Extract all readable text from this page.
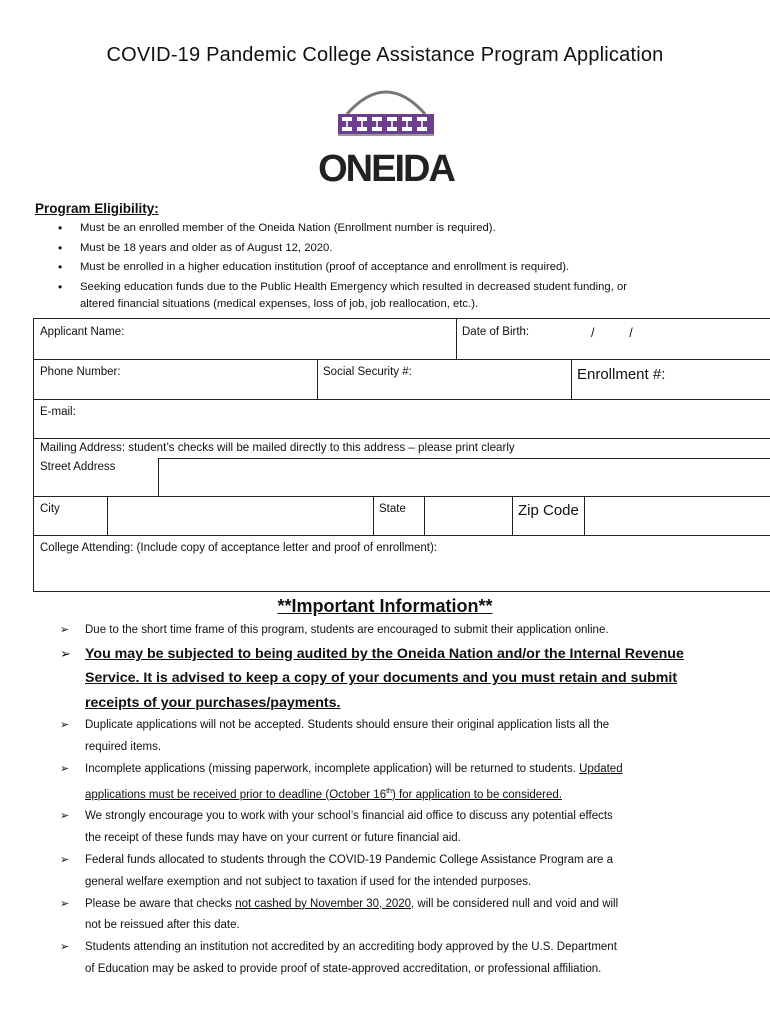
COVID-19 Pandemic College Assistance Program Application
ONEIDA
Program Eligibility:
• Must be an enrolled member of the Oneida Nation (Enrollment number is required).
• Must be 18 years and older as of August 12, 2020.
• Must be enrolled in a higher education institution (proof of acceptance and enrollment is required).
• Seeking education funds due to the Public Health Emergency which resulted in decreased student funding, or
altered financial situations (medical expenses, loss of job, job reallocation, etc.).
Applicant Name:	Date of Birth:	/          /
Phone Number:	Social Security #:	Enrollment #:
E-mail:
Mailing Address: student’s checks will be mailed directly to this address – please print clearly
Street Address
City	State	Zip Code
College Attending: (Include copy of acceptance letter and proof of enrollment):
**Important Information**
➢ Due to the short time frame of this program, students are encouraged to submit their application online.
➢ You may be subjected to being audited by the Oneida Nation and/or the Internal Revenue
Service. It is advised to keep a copy of your documents and you must retain and submit
receipts of your purchases/payments.
➢ Duplicate applications will not be accepted. Students should ensure their original application lists all the
required items.
➢ Incomplete applications (missing paperwork, incomplete application) will be returned to students. Updated
applications must be received prior to deadline (October 16th) for application to be considered.
➢ We strongly encourage you to work with your school’s financial aid office to discuss any potential effects
the receipt of these funds may have on your current or future financial aid.
➢ Federal funds allocated to students through the COVID-19 Pandemic College Assistance Program are a
general welfare exemption and not subject to taxation if used for the intended purposes.
➢ Please be aware that checks not cashed by November 30, 2020, will be considered null and void and will
not be reissued after this date.
➢ Students attending an institution not accredited by an accrediting body approved by the U.S. Department
of Education may be asked to provide proof of state-approved accreditation, or professional affiliation.
